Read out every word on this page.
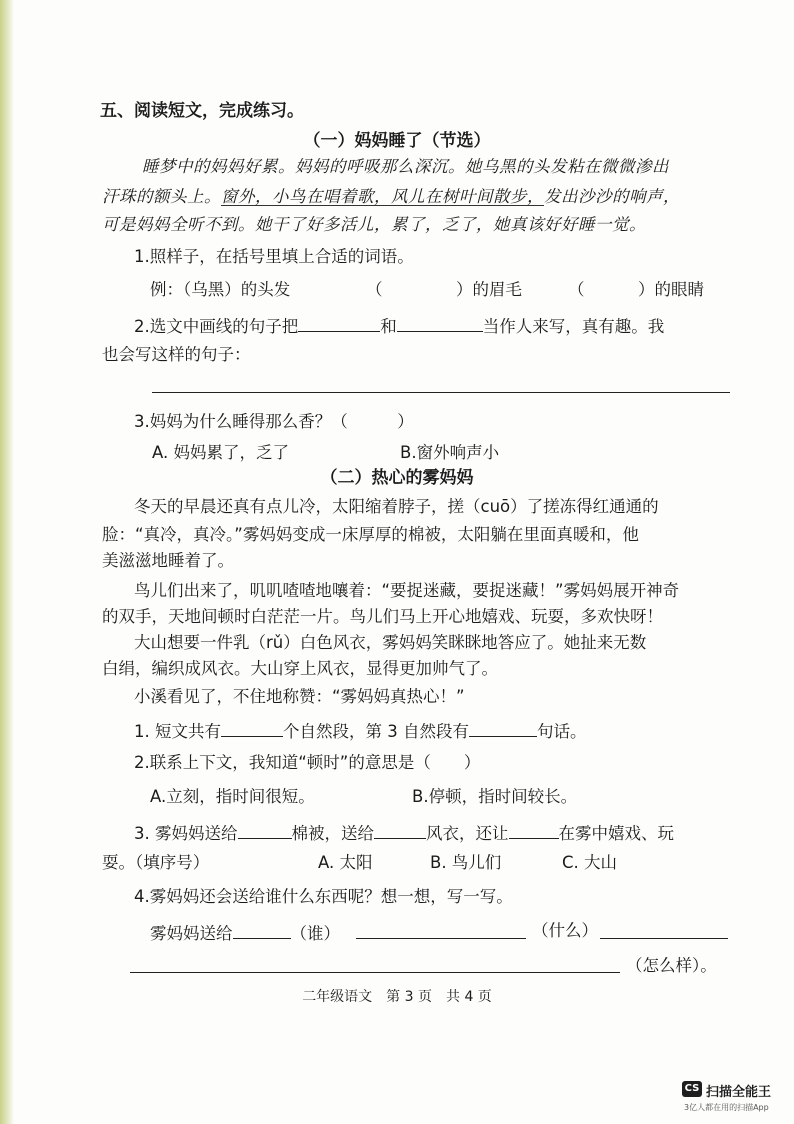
五、阅读短文，完成练习。
（一）妈妈睡了（节选）
睡梦中的妈妈好累。妈妈的呼吸那么深沉。她乌黑的头发粘在微微渗出
汗珠的额头上。窗外，小鸟在唱着歌，风儿在树叶间散步，发出沙沙的响声，
可是妈妈全听不到。她干了好多活儿，累了，乏了，她真该好好睡一觉。
1.照样子，在括号里填上合适的词语。
例：（乌黑）的头发	（	）的眉毛	（	）的眼睛
2.选文中画线的句子把	和	当作人来写，真有趣。我
也会写这样的句子：
3.妈妈为什么睡得那么香？（　　　）
A. 妈妈累了，乏了	B.窗外响声小
（二）热心的雾妈妈
冬天的早晨还真有点儿冷，太阳缩着脖子，搓（cuō）了搓冻得红通通的
脸：“真冷，真冷。”雾妈妈变成一床厚厚的棉被，太阳躺在里面真暖和，他
美滋滋地睡着了。
鸟儿们出来了，叽叽喳喳地嚷着：“要捉迷藏，要捉迷藏！”雾妈妈展开神奇
的双手，天地间顿时白茫茫一片。鸟儿们马上开心地嬉戏、玩耍，多欢快呀！
大山想要一件乳（rǔ）白色风衣，雾妈妈笑眯眯地答应了。她扯来无数
白绢，编织成风衣。大山穿上风衣，显得更加帅气了。
小溪看见了，不住地称赞：“雾妈妈真热心！”
1. 短文共有	个自然段，第 3 自然段有	句话。
2.联系上下文，我知道“顿时”的意思是（　　）
A.立刻，指时间很短。	B.停顿，指时间较长。
3. 雾妈妈送给	棉被，送给	风衣，还让	在雾中嬉戏、玩
耍。（填序号）	A. 太阳	B. 鸟儿们	C. 大山
4.雾妈妈还会送给谁什么东西呢？想一想，写一写。
雾妈妈送给	（谁）	（什么）
（怎么样）。
二年级语文　第 3 页　共 4 页
CS 扫描全能王
3亿人都在用的扫描App
